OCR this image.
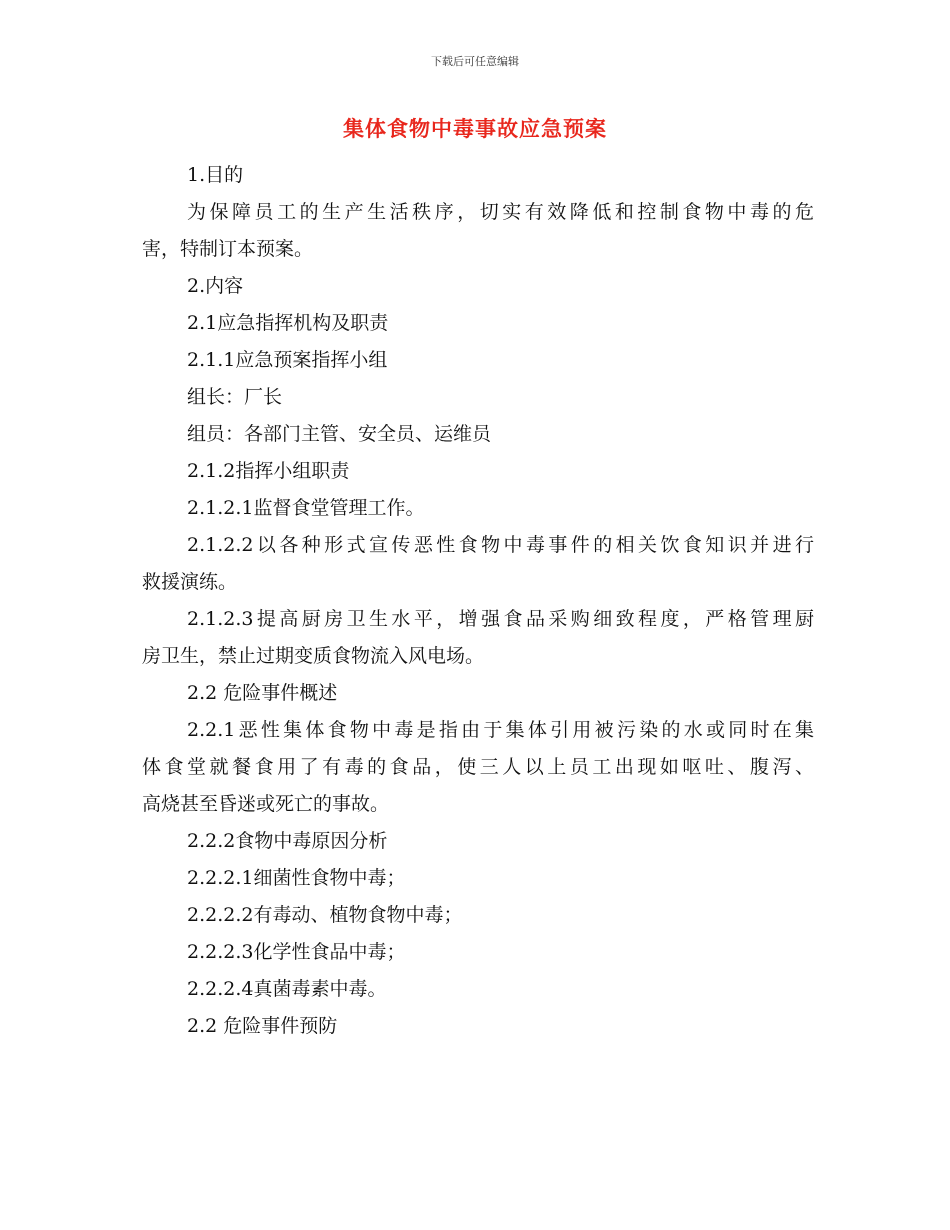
下载后可任意编辑
集体食物中毒事故应急预案
1.目的
为保障员工的生产生活秩序，切实有效降低和控制食物中毒的危
害，特制订本预案。
2.内容
2.1应急指挥机构及职责
2.1.1应急预案指挥小组
组长：厂长
组员：各部门主管、安全员、运维员
2.1.2指挥小组职责
2.1.2.1监督食堂管理工作。
2.1.2.2以各种形式宣传恶性食物中毒事件的相关饮食知识并进行
救援演练。
2.1.2.3提高厨房卫生水平，增强食品采购细致程度，严格管理厨
房卫生，禁止过期变质食物流入风电场。
2.2 危险事件概述
2.2.1恶性集体食物中毒是指由于集体引用被污染的水或同时在集
体食堂就餐食用了有毒的食品，使三人以上员工出现如呕吐、腹泻、
高烧甚至昏迷或死亡的事故。
2.2.2食物中毒原因分析
2.2.2.1细菌性食物中毒；
2.2.2.2有毒动、植物食物中毒；
2.2.2.3化学性食品中毒；
2.2.2.4真菌毒素中毒。
2.2 危险事件预防
